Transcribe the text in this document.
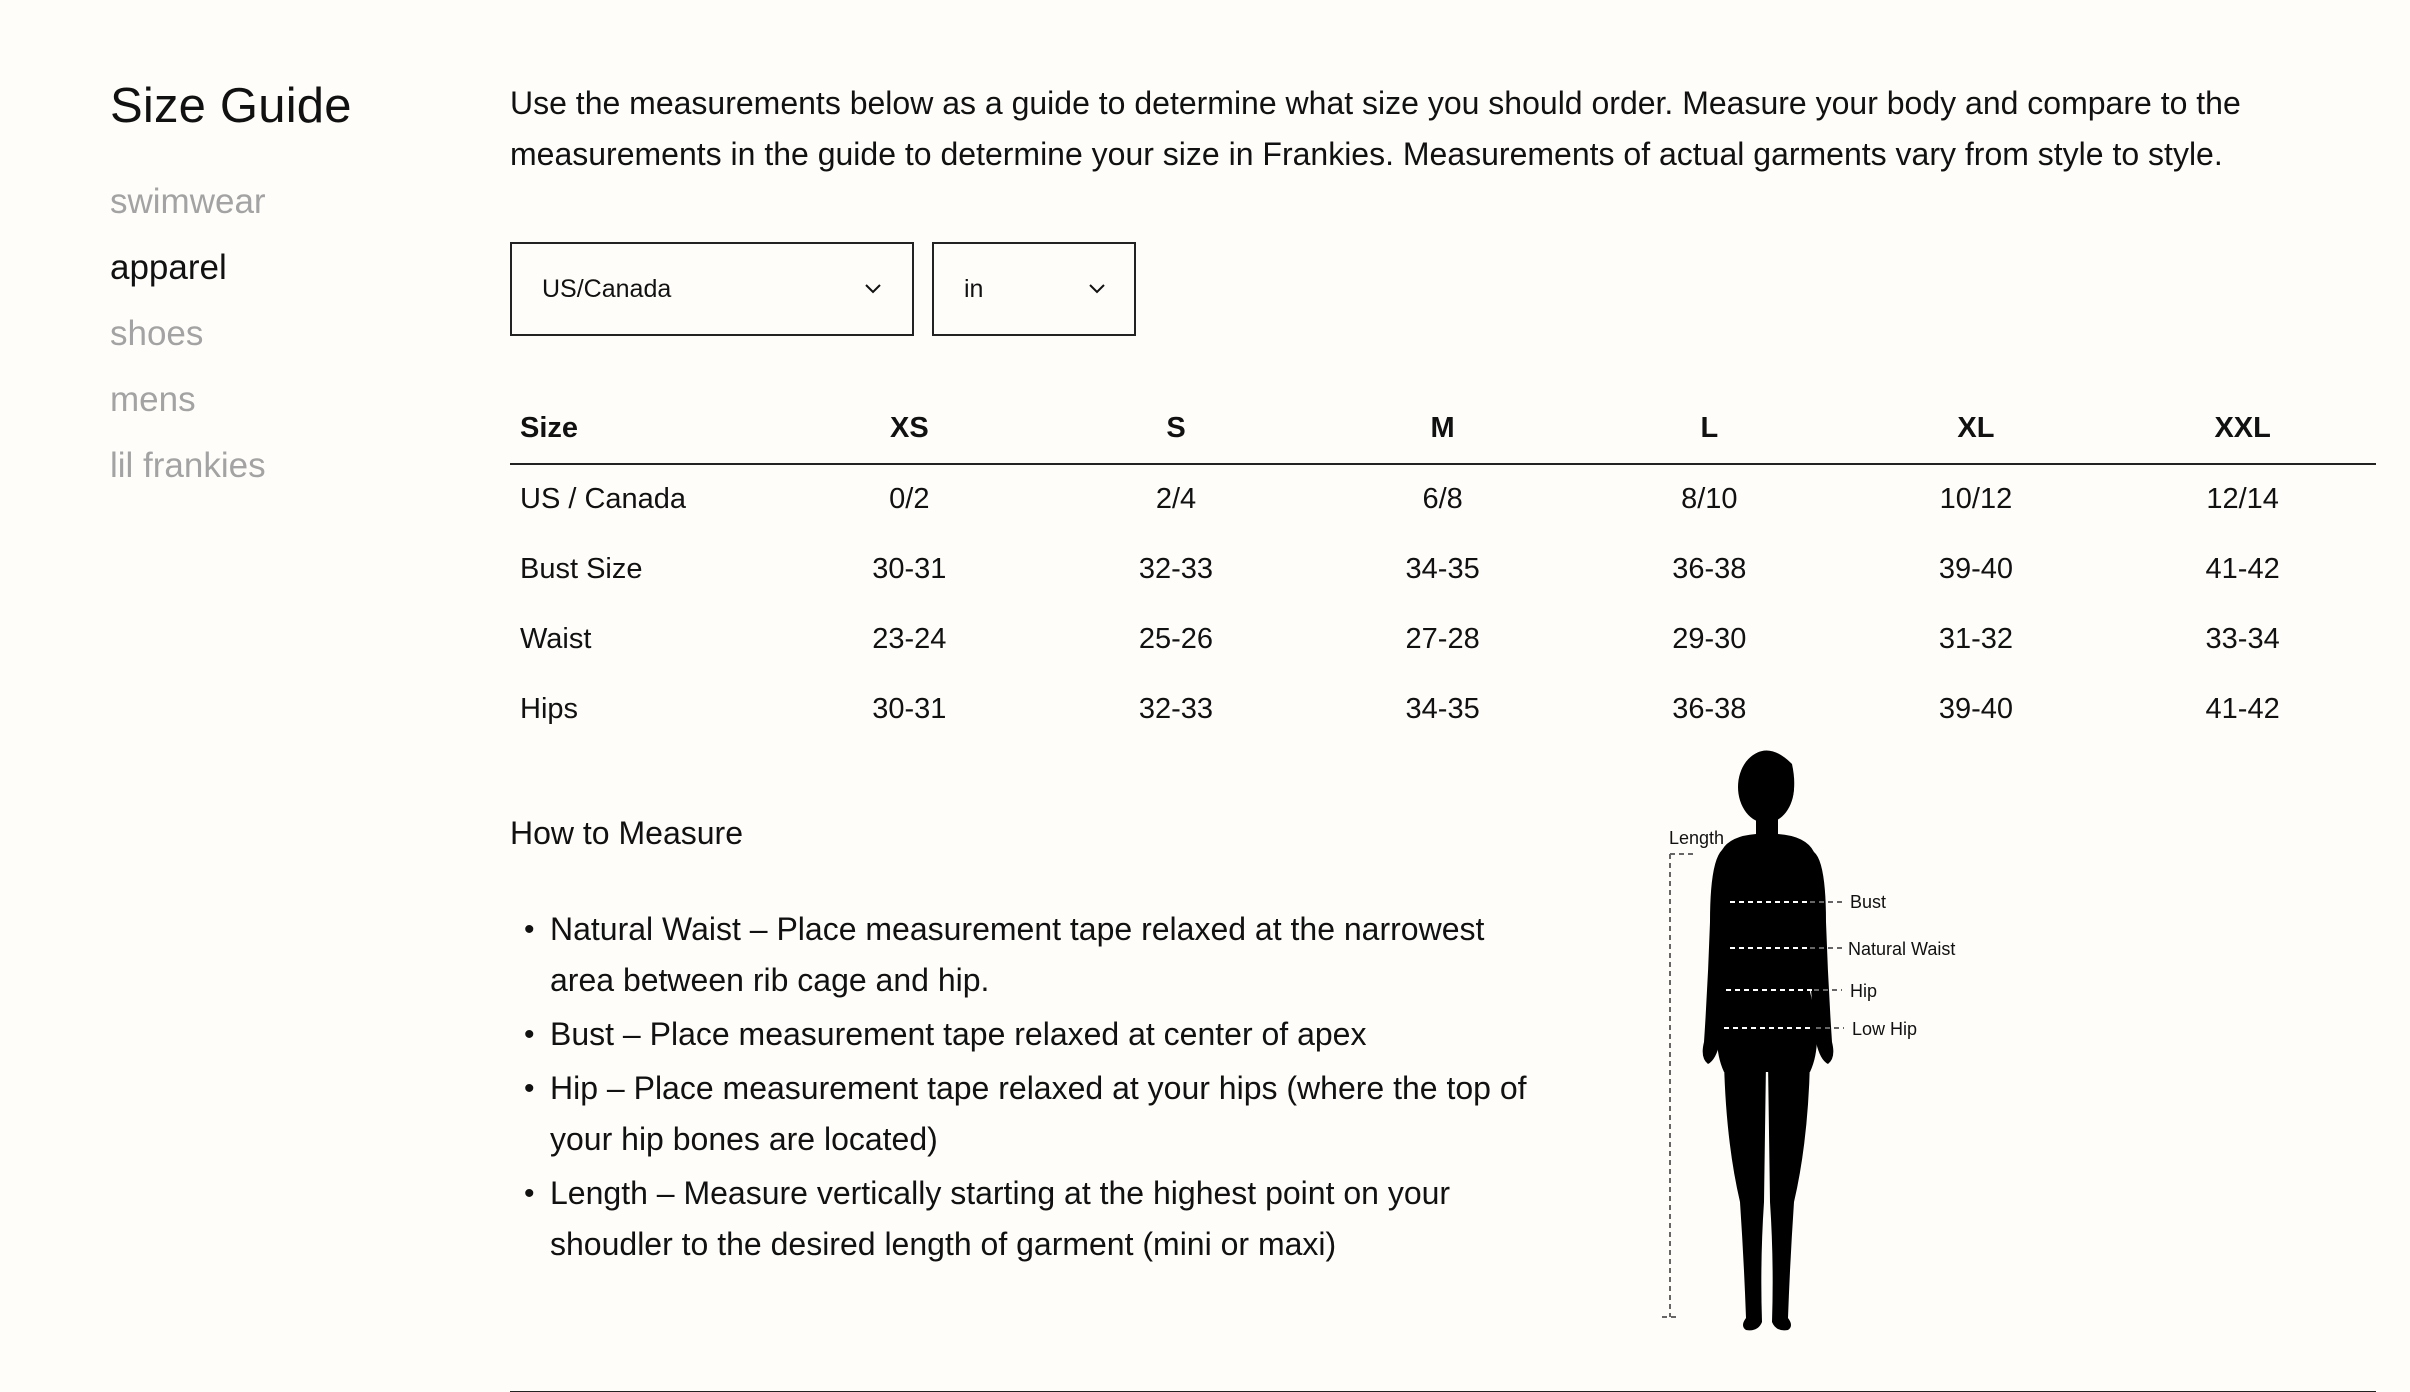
Size Guide
swimwear
apparel
shoes
mens
lil frankies

Use the measurements below as a guide to determine what size you should order. Measure your body and compare to the measurements in the guide to determine your size in Frankies. Measurements of actual garments vary from style to style.

US/Canada	in
Size	XS	S	M	L	XL	XXL
US / Canada	0/2	2/4	6/8	8/10	10/12	12/14
Bust Size	30-31	32-33	34-35	36-38	39-40	41-42
Waist	23-24	25-26	27-28	29-30	31-32	33-34
Hips	30-31	32-33	34-35	36-38	39-40	41-42
How to Measure
• Natural Waist – Place measurement tape relaxed at the narrowest area between rib cage and hip.
• Bust – Place measurement tape relaxed at center of apex
• Hip – Place measurement tape relaxed at your hips (where the top of your hip bones are located)
• Length – Measure vertically starting at the highest point on your shoudler to the desired length of garment (mini or maxi)
Length
Bust
Natural Waist
Hip
Low Hip
